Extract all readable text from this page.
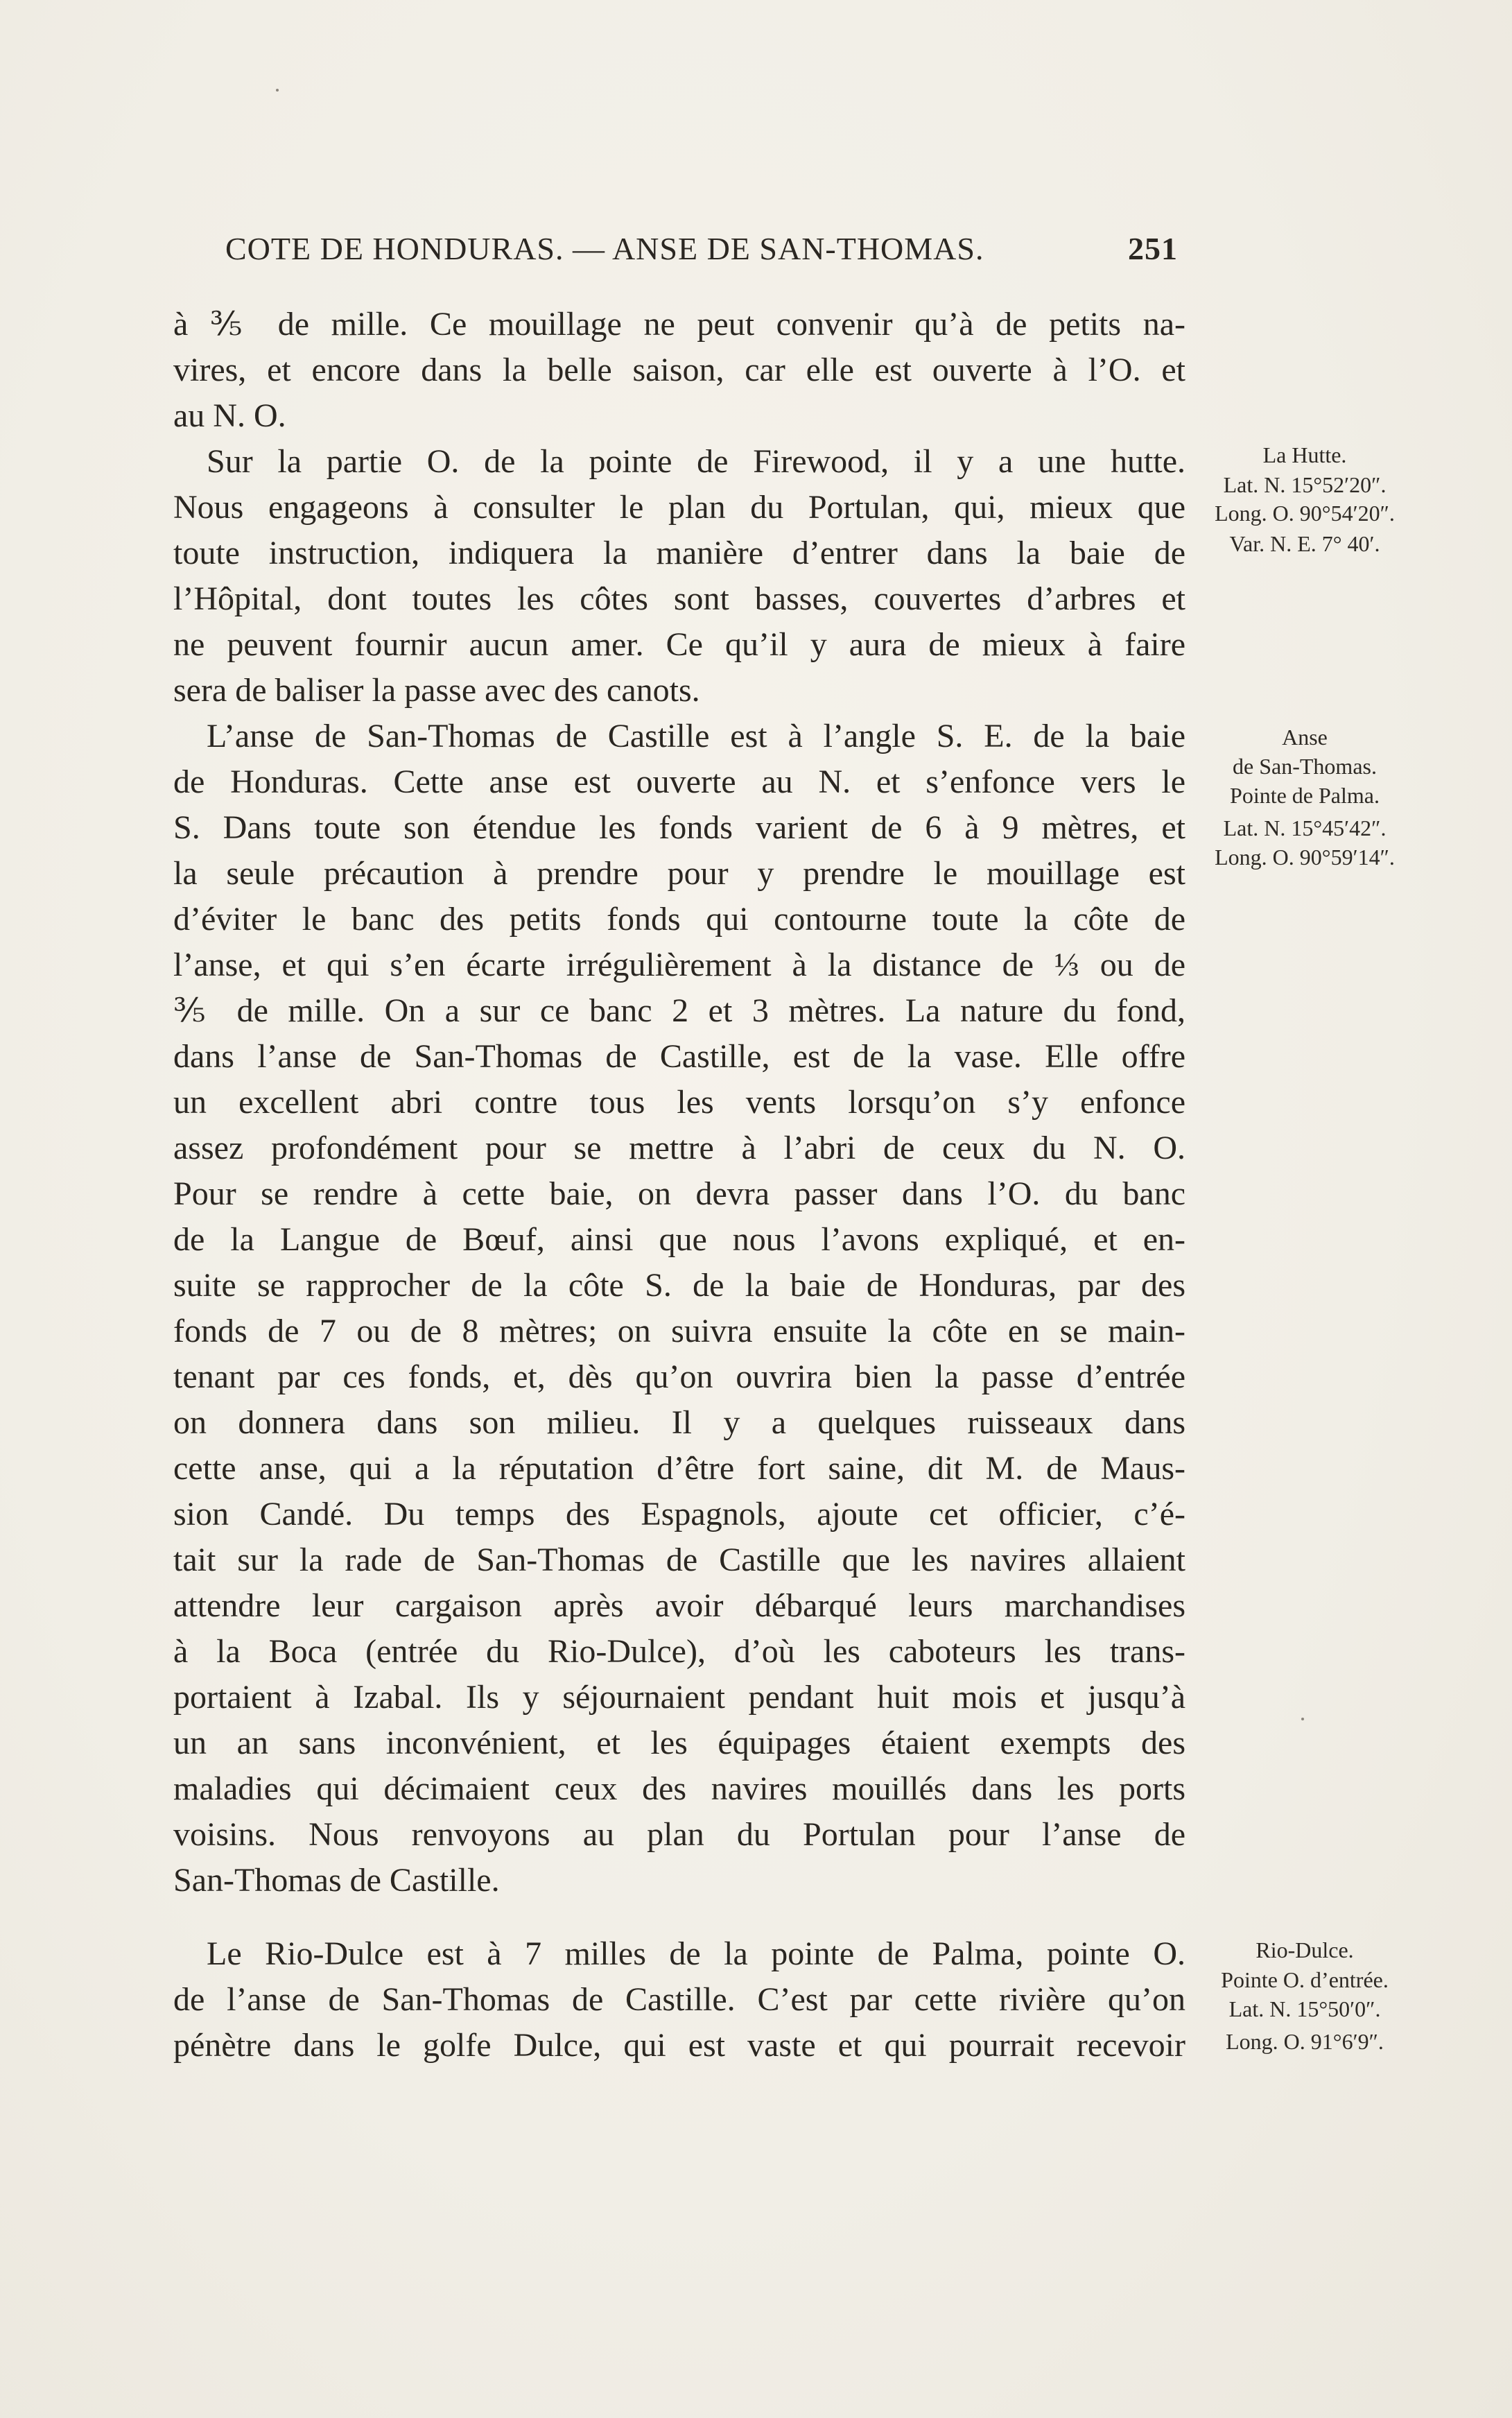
COTE DE HONDURAS. — ANSE DE SAN-THOMAS.	251
à ⅗ de mille. Ce mouillage ne peut convenir qu’à de petits na-
vires, et encore dans la belle saison, car elle est ouverte à l’O. et
au N. O.
Sur la partie O. de la pointe de Firewood, il y a une hutte.
Nous engageons à consulter le plan du Portulan, qui, mieux que
toute instruction, indiquera la manière d’entrer dans la baie de
l’Hôpital, dont toutes les côtes sont basses, couvertes d’arbres et
ne peuvent fournir aucun amer. Ce qu’il y aura de mieux à faire
sera de baliser la passe avec des canots.
L’anse de San-Thomas de Castille est à l’angle S. E. de la baie
de Honduras. Cette anse est ouverte au N. et s’enfonce vers le
S. Dans toute son étendue les fonds varient de 6 à 9 mètres, et
la seule précaution à prendre pour y prendre le mouillage est
d’éviter le banc des petits fonds qui contourne toute la côte de
l’anse, et qui s’en écarte irrégulièrement à la distance de ⅓ ou de
⅗ de mille. On a sur ce banc 2 et 3 mètres. La nature du fond,
dans l’anse de San-Thomas de Castille, est de la vase. Elle offre
un excellent abri contre tous les vents lorsqu’on s’y enfonce
assez profondément pour se mettre à l’abri de ceux du N. O.
Pour se rendre à cette baie, on devra passer dans l’O. du banc
de la Langue de Bœuf, ainsi que nous l’avons expliqué, et en-
suite se rapprocher de la côte S. de la baie de Honduras, par des
fonds de 7 ou de 8 mètres; on suivra ensuite la côte en se main-
tenant par ces fonds, et, dès qu’on ouvrira bien la passe d’entrée
on donnera dans son milieu. Il y a quelques ruisseaux dans
cette anse, qui a la réputation d’être fort saine, dit M. de Maus-
sion Candé. Du temps des Espagnols, ajoute cet officier, c’é-
tait sur la rade de San-Thomas de Castille que les navires allaient
attendre leur cargaison après avoir débarqué leurs marchandises
à la Boca (entrée du Rio-Dulce), d’où les caboteurs les trans-
portaient à Izabal. Ils y séjournaient pendant huit mois et jusqu’à
un an sans inconvénient, et les équipages étaient exempts des
maladies qui décimaient ceux des navires mouillés dans les ports
voisins. Nous renvoyons au plan du Portulan pour l’anse de
San-Thomas de Castille.
Le Rio-Dulce est à 7 milles de la pointe de Palma, pointe O.
de l’anse de San-Thomas de Castille. C’est par cette rivière qu’on
pénètre dans le golfe Dulce, qui est vaste et qui pourrait recevoir
La Hutte.
Lat. N. 15°52′20″.
Long. O. 90°54′20″.
Var. N. E. 7° 40′.
Anse
de San-Thomas.
Pointe de Palma.
Lat. N. 15°45′42″.
Long. O. 90°59′14″.
Rio-Dulce.
Pointe O. d’entrée.
Lat. N. 15°50′0″.
Long. O. 91°6′9″.
